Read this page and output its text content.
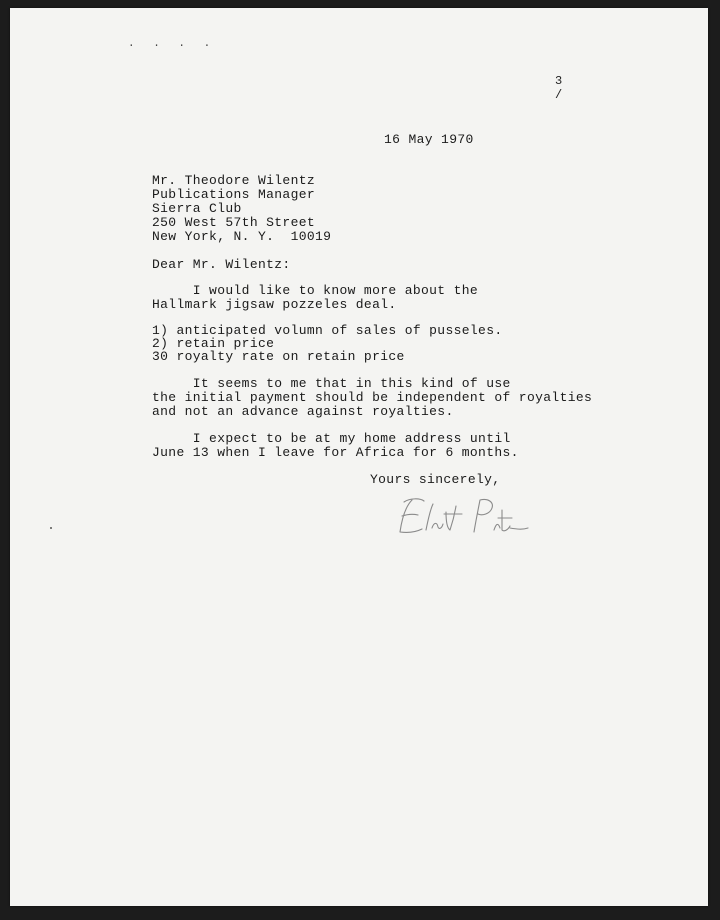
. . . .
3
/
16 May 1970
Mr. Theodore Wilentz
Publications Manager
Sierra Club
250 West 57th Street
New York, N. Y.  10019
Dear Mr. Wilentz:
I would like to know more about the
Hallmark jigsaw pozzeles deal.
1) anticipated volumn of sales of pusseles.
2) retain price
30 royalty rate on retain price
It seems to me that in this kind of use
the initial payment should be independent of royalties
and not an advance against royalties.
I expect to be at my home address until
June 13 when I leave for Africa for 6 months.
Yours sincerely,
